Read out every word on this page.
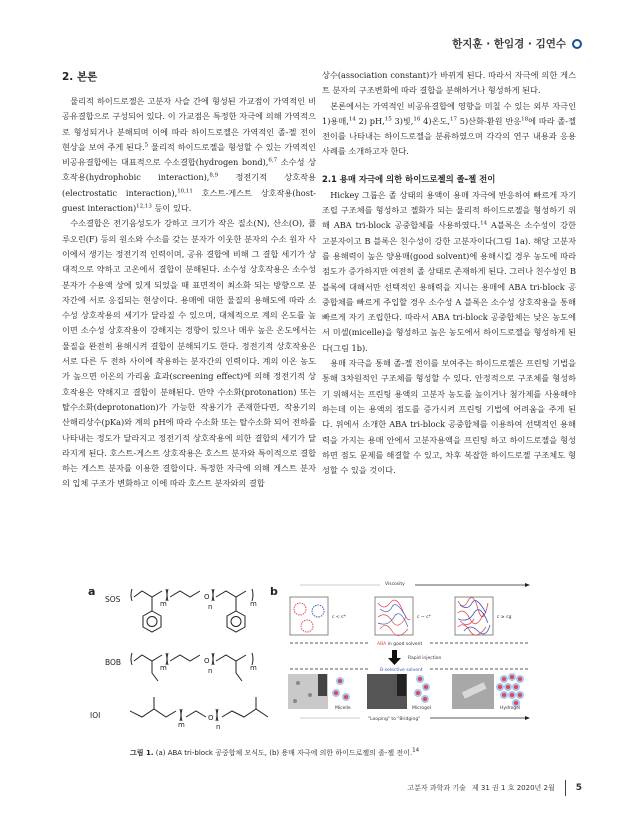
한지훈 · 한임경 · 김연수
2. 본론

물리적 하이드로젤은 고분자 사슬 간에 형성된 가교점이 가역적인 비공유결합으로 구성되어 있다. 이 가교점은 특정한 자극에 의해 가역적으로 형성되거나 분해되며 이에 따라 하이드로젤은 가역적인 졸-젤 전이 현상을 보여 주게 된다.$^5$ 물리적 하이드로젤을 형성할 수 있는 가역적인 비공유결합에는 대표적으로 수소결합(hydrogen bond),$^{6,7}$ 소수성 상호작용(hydrophobic interaction),$^{8,9}$ 정전기적 상호작용(electrostatic interaction),$^{10,11}$ 호스트-게스트 상호작용(host-guest interaction)$^{12,13}$ 등이 있다.

수소결합은 전기음성도가 강하고 크기가 작은 질소(N), 산소(O), 플루오린(F) 등의 원소와 수소를 갖는 분자가 이웃한 분자의 수소 원자 사이에서 생기는 정전기적 인력이며, 공유 결합에 비해 그 결합 세기가 상대적으로 약하고 고온에서 결합이 분해된다. 소수성 상호작용은 소수성 분자가 수용액 상에 있게 되었을 때 표면적이 최소화 되는 방향으로 분자간에 서로 응집되는 현상이다. 용매에 대한 물질의 용해도에 따라 소수성 상호작용의 세기가 달라질 수 있으며, 대체적으로 계의 온도를 높이면 소수성 상호작용이 강해지는 경향이 있으나 매우 높은 온도에서는 물질을 완전히 용해시켜 결합이 분해되기도 한다. 정전기적 상호작용은 서로 다른 두 전하 사이에 작용하는 분자간의 인력이다. 계의 이온 농도가 높으면 이온의 가리움 효과(screening effect)에 의해 정전기적 상호작용은 약해지고 결합이 분해된다. 만약 수소화(protonation) 또는 탈수소화(deprotonation)가 가능한 작용기가 존재한다면, 작용기의 산해리상수(pKa)와 계의 pH에 따라 수소화 또는 탈수소화 되어 전하를 나타내는 정도가 달라지고 정전기적 상호작용에 의한 결합의 세기가 달라지게 된다. 호스트-게스트 상호작용은 호스트 분자와 특이적으로 결합하는 게스트 분자를 이용한 결합이다. 특정한 자극에 의해 게스트 분자의 입체 구조가 변화하고 이에 따라 호스트 분자와의 결합

상수(association constant)가 바뀌게 된다. 따라서 자극에 의한 게스트 분자의 구조변화에 따라 결합을 분해하거나 형성하게 된다.

본론에서는 가역적인 비공유결합에 영향을 미칠 수 있는 외부 자극인 1)용매,$^{14}$ 2) pH,$^{15}$ 3)빛,$^{16}$ 4)온도,$^{17}$ 5)산화-환원 반응$^{18}$에 따라 졸-젤 전이를 나타내는 하이드로젤을 분류하였으며 각각의 연구 내용과 응용 사례를 소개하고자 한다.

2.1 용매 자극에 의한 하이드로젤의 졸-젤 전이

Hickey 그룹은 졸 상태의 용액이 용매 자극에 반응하여 빠르게 자기조립 구조체를 형성하고 젤화가 되는 물리적 하이드로젤을 형성하기 위해 ABA tri-block 공중합체를 사용하였다.$^{14}$ A블록은 소수성이 강한 고분자이고 B 블록은 친수성이 강한 고분자이다(그림 1a). 해당 고분자를 용해력이 높은 양용매(good solvent)에 용해시킬 경우 농도에 따라 점도가 증가하지만 여전히 졸 상태로 존재하게 된다. 그러나 친수성인 B블록에 대해서만 선택적인 용해력을 지니는 용매에 ABA tri-block 공중합체를 빠르게 주입할 경우 소수성 A 블록은 소수성 상호작용을 통해 빠르게 자기 조립한다. 따라서 ABA tri-block 공중합체는 낮은 농도에서 미셀(micelle)을 형성하고 높은 농도에서 하이드로젤을 형성하게 된다(그림 1b).

용매 자극을 통해 졸-젤 전이를 보여주는 하이드로젤은 프린팅 기법을 통해 3차원적인 구조체를 형성할 수 있다. 안정적으로 구조체를 형성하기 위해서는 프린팅 용액의 고분자 농도를 높이거나 첨가제를 사용해야하는데 이는 용액의 점도를 증가시켜 프린팅 기법에 어려움을 주게 된다. 위에서 소개한 ABA tri-block 공중합체를 이용하여 선택적인 용해력을 가지는 용매 안에서 고분자용액을 프린팅 하고 하이드로젤을 형성하면 점도 문제를 해결할 수 있고, 차후 복잡한 하이드로젤 구조체도 형성할 수 있을 것이다.

a
SOS
BOB
IOI
O
O
O
m	n	m
m	n	m
m	n
b
Viscosity
c < c*	c ~ c*	c ≥ cg
ABA in good solvent
Rapid injection
B-selective solvent
Micelle	Microgel	Hydrogel
"Looping" to "Bridging"
그림 1. (a) ABA tri-block 공중합체 모식도, (b) 용매 자극에 의한 하이드로젤의 졸-젤 전이.$^{14}$
고분자 과학과 기술 제 31 권 1 호 2020년 2월 5
